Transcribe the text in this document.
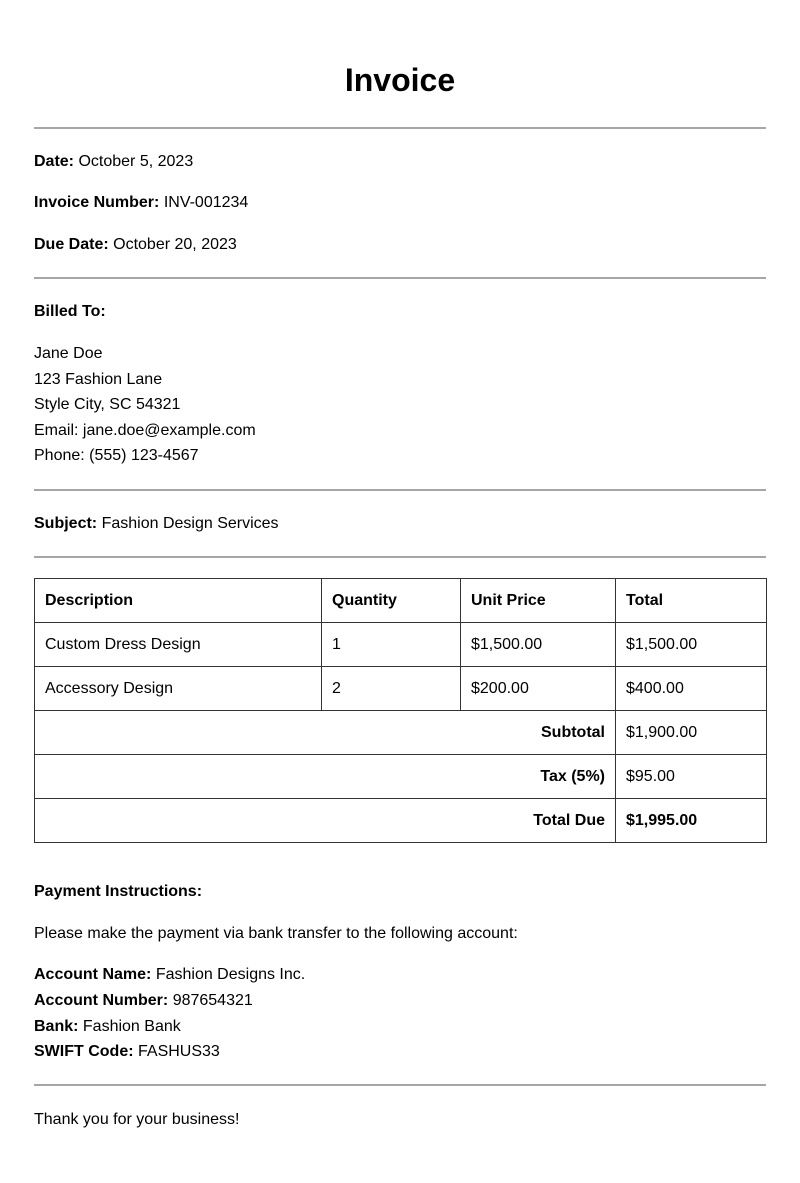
Invoice
Date: October 5, 2023
Invoice Number: INV-001234
Due Date: October 20, 2023
Billed To:
Jane Doe
123 Fashion Lane
Style City, SC 54321
Email: jane.doe@example.com
Phone: (555) 123-4567
Subject: Fashion Design Services
Description	Quantity	Unit Price	Total
Custom Dress Design	1	$1,500.00	$1,500.00
Accessory Design	2	$200.00	$400.00
Subtotal			$1,900.00
Tax (5%)			$95.00
Total Due			$1,995.00
Payment Instructions:
Please make the payment via bank transfer to the following account:
Account Name: Fashion Designs Inc.
Account Number: 987654321
Bank: Fashion Bank
SWIFT Code: FASHUS33
Thank you for your business!
